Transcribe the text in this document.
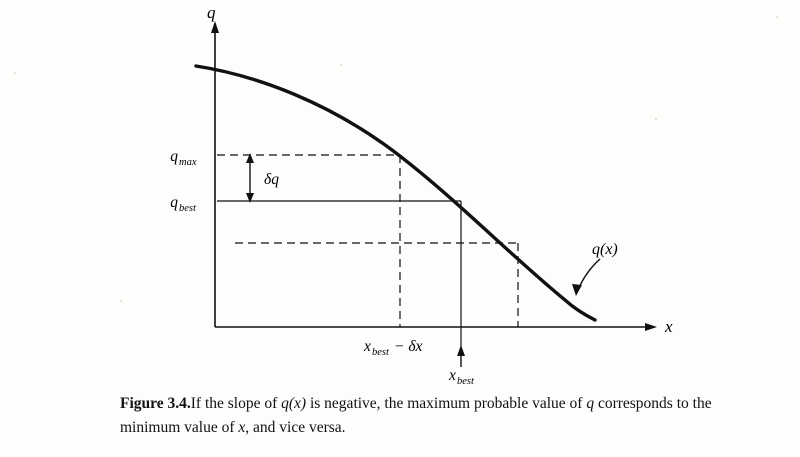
q
x
q max
q best
δq
x best − δx
x best
q(x)
Figure 3.4.If the slope of q(x) is negative, the maximum probable value of q corresponds to the minimum value of x, and vice versa.
